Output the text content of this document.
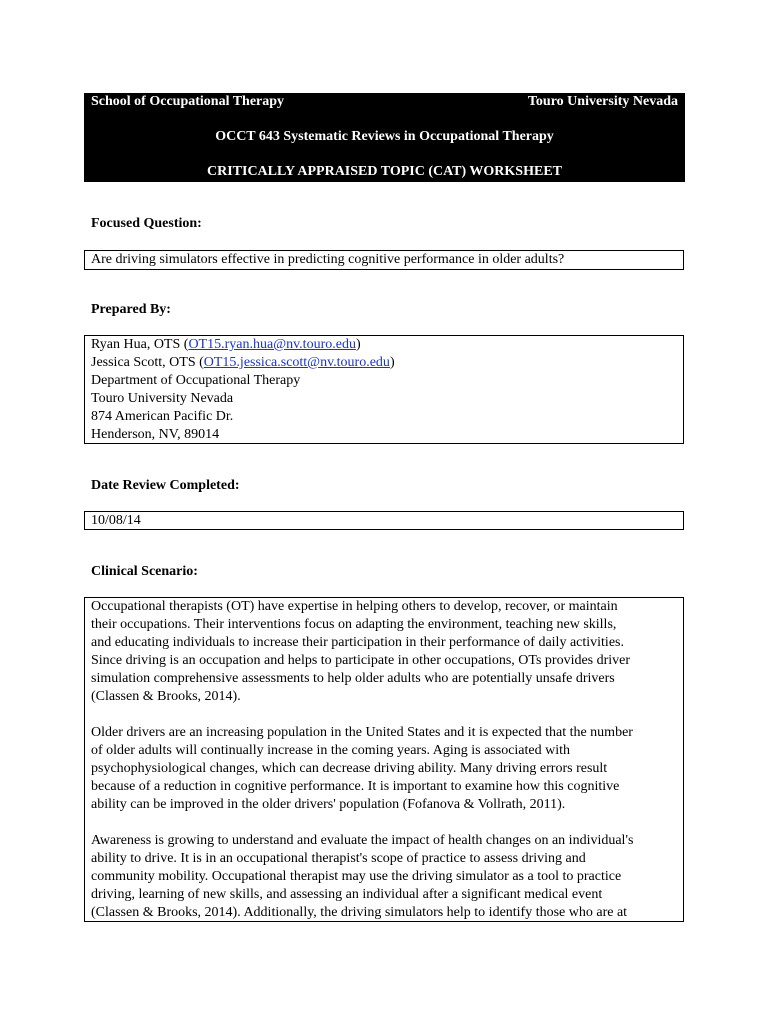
School of Occupational Therapy	Touro University Nevada
OCCT 643 Systematic Reviews in Occupational Therapy
CRITICALLY APPRAISED TOPIC (CAT) WORKSHEET
Focused Question:
Are driving simulators effective in predicting cognitive performance in older adults?
Prepared By:
Ryan Hua, OTS (OT15.ryan.hua@nv.touro.edu)
Jessica Scott, OTS (OT15.jessica.scott@nv.touro.edu)
Department of Occupational Therapy
Touro University Nevada
874 American Pacific Dr.
Henderson, NV, 89014
Date Review Completed:
10/08/14
Clinical Scenario:
Occupational therapists (OT) have expertise in helping others to develop, recover, or maintain
their occupations. Their interventions focus on adapting the environment, teaching new skills,
and educating individuals to increase their participation in their performance of daily activities.
Since driving is an occupation and helps to participate in other occupations, OTs provides driver
simulation comprehensive assessments to help older adults who are potentially unsafe drivers
(Classen & Brooks, 2014).
Older drivers are an increasing population in the United States and it is expected that the number
of older adults will continually increase in the coming years. Aging is associated with
psychophysiological changes, which can decrease driving ability. Many driving errors result
because of a reduction in cognitive performance. It is important to examine how this cognitive
ability can be improved in the older drivers' population (Fofanova & Vollrath, 2011).
Awareness is growing to understand and evaluate the impact of health changes on an individual's
ability to drive. It is in an occupational therapist's scope of practice to assess driving and
community mobility. Occupational therapist may use the driving simulator as a tool to practice
driving, learning of new skills, and assessing an individual after a significant medical event
(Classen & Brooks, 2014). Additionally, the driving simulators help to identify those who are at
